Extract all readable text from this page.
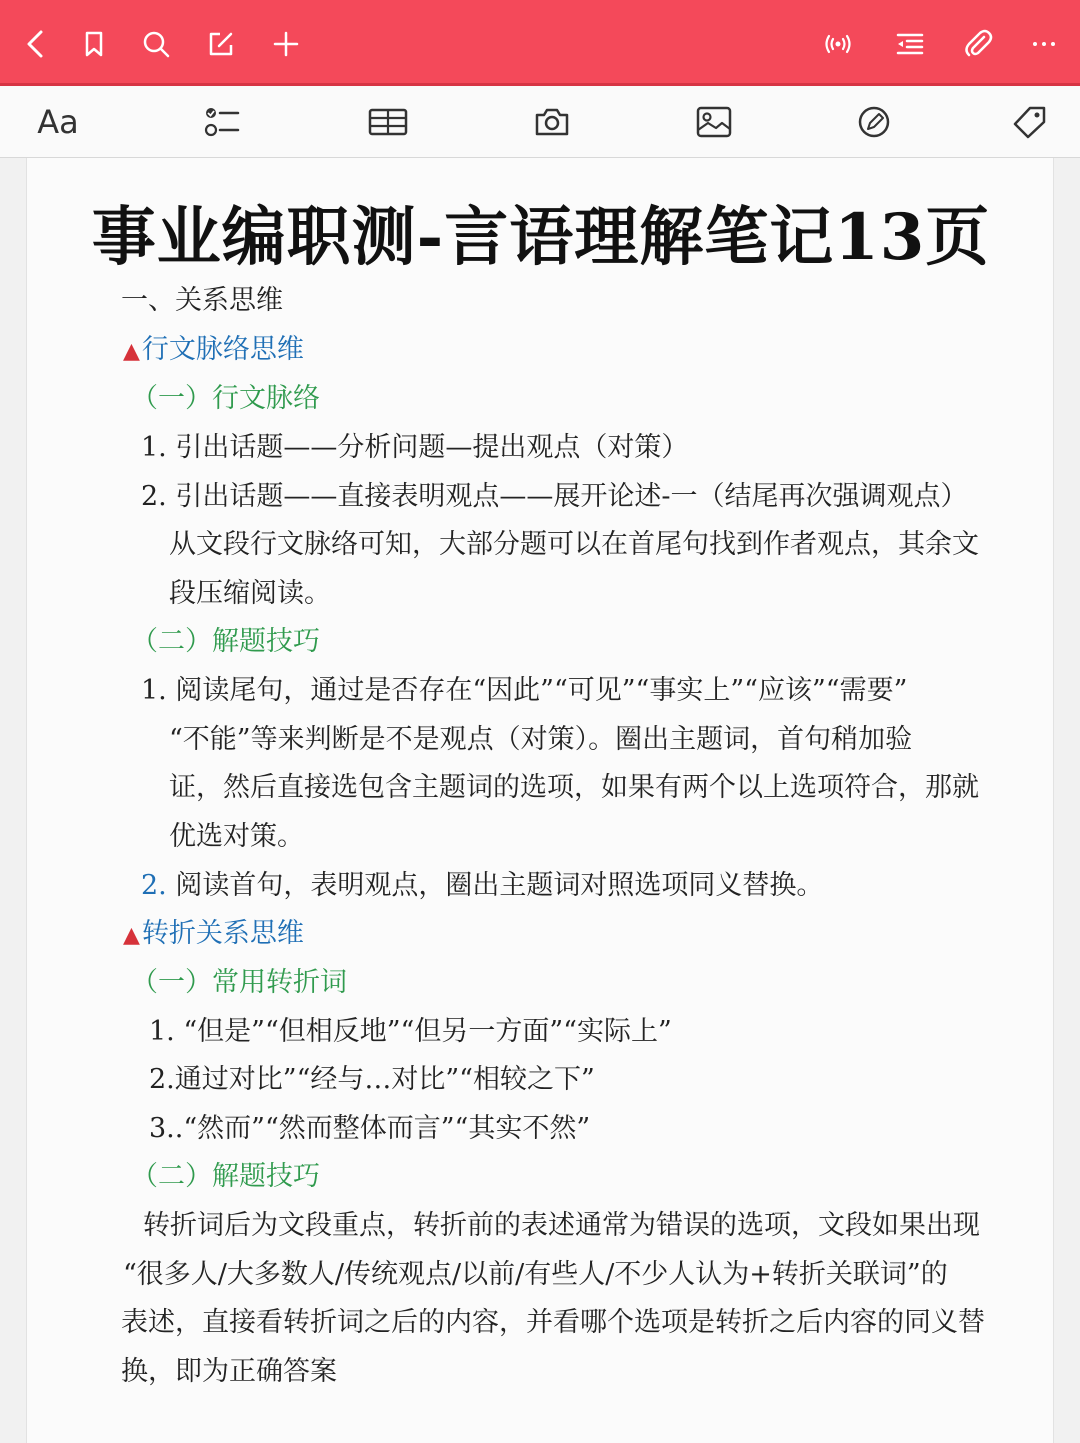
Aa
事业编职测-言语理解笔记13页
一、关系思维
▲行文脉络思维
（一）行文脉络
1. 引出话题——分析问题—提出观点（对策）
2. 引出话题——直接表明观点——展开论述-一（结尾再次强调观点）
从文段行文脉络可知，大部分题可以在首尾句找到作者观点，其余文
段压缩阅读。
（二）解题技巧
1. 阅读尾句，通过是否存在“因此”“可见”“事实上”“应该”“需要”
“不能”等来判断是不是观点（对策）。圈出主题词，首句稍加验
证，然后直接选包含主题词的选项，如果有两个以上选项符合，那就
优选对策。
2. 阅读首句，表明观点，圈出主题词对照选项同义替换。
▲转折关系思维
（一）常用转折词
1. “但是”“但相反地”“但另一方面”“实际上”
2.通过对比”“经与…对比”“相较之下”
3..“然而”“然而整体而言”“其实不然”
（二）解题技巧
转折词后为文段重点，转折前的表述通常为错误的选项，文段如果出现
“很多人/大多数人/传统观点/以前/有些人/不少人认为+转折关联词”的
表述，直接看转折词之后的内容，并看哪个选项是转折之后内容的同义替
换，即为正确答案
